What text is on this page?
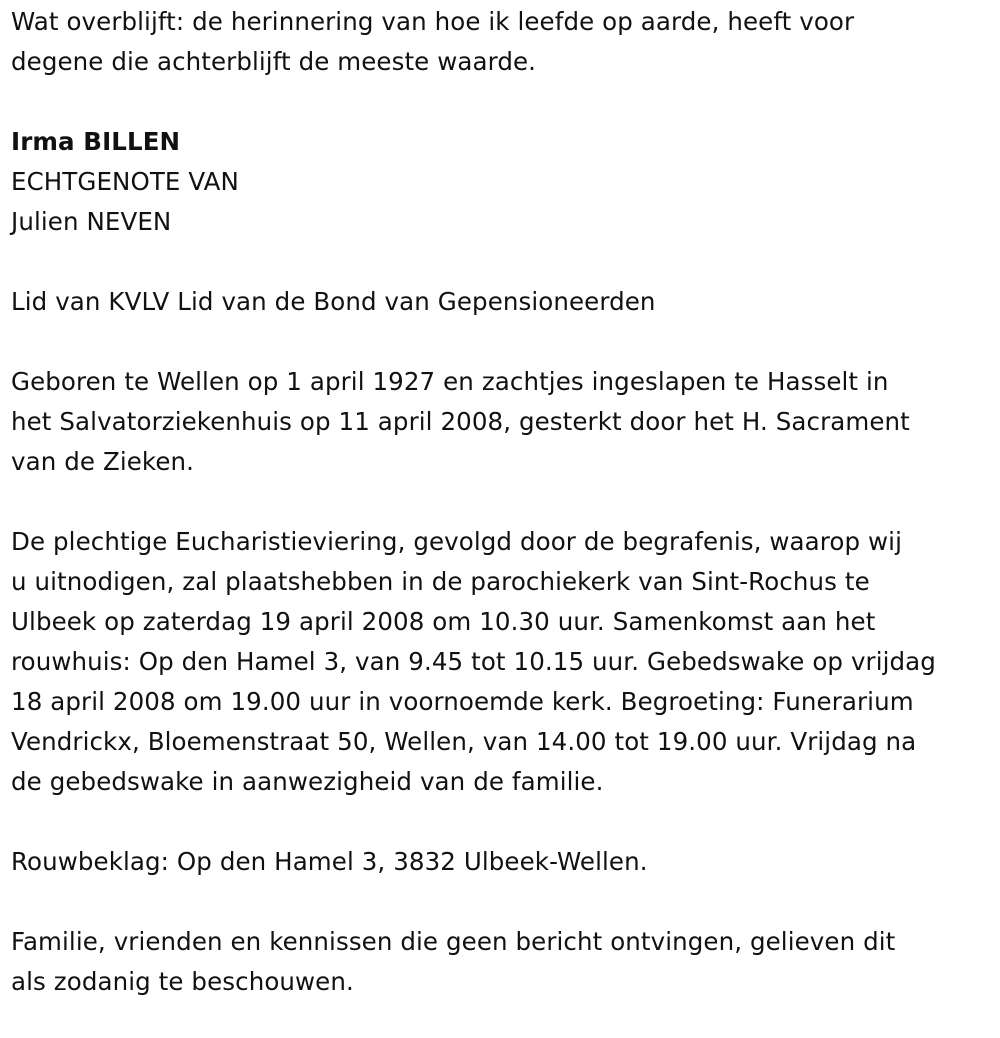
Wat overblijft: de herinnering van hoe ik leefde op aarde, heeft voor
degene die achterblijft de meeste waarde.

Irma BILLEN

ECHTGENOTE VAN

Julien NEVEN

Lid van KVLV Lid van de Bond van Gepensioneerden

Geboren te Wellen op 1 april 1927 en zachtjes ingeslapen te Hasselt in
het Salvatorziekenhuis op 11 april 2008, gesterkt door het H. Sacrament
van de Zieken.

De plechtige Eucharistieviering, gevolgd door de begrafenis, waarop wij
u uitnodigen, zal plaatshebben in de parochiekerk van Sint-Rochus te
Ulbeek op zaterdag 19 april 2008 om 10.30 uur. Samenkomst aan het
rouwhuis: Op den Hamel 3, van 9.45 tot 10.15 uur. Gebedswake op vrijdag
18 april 2008 om 19.00 uur in voornoemde kerk. Begroeting: Funerarium
Vendrickx, Bloemenstraat 50, Wellen, van 14.00 tot 19.00 uur. Vrijdag na
de gebedswake in aanwezigheid van de familie.

Rouwbeklag: Op den Hamel 3, 3832 Ulbeek-Wellen.

Familie, vrienden en kennissen die geen bericht ontvingen, gelieven dit
als zodanig te beschouwen.
